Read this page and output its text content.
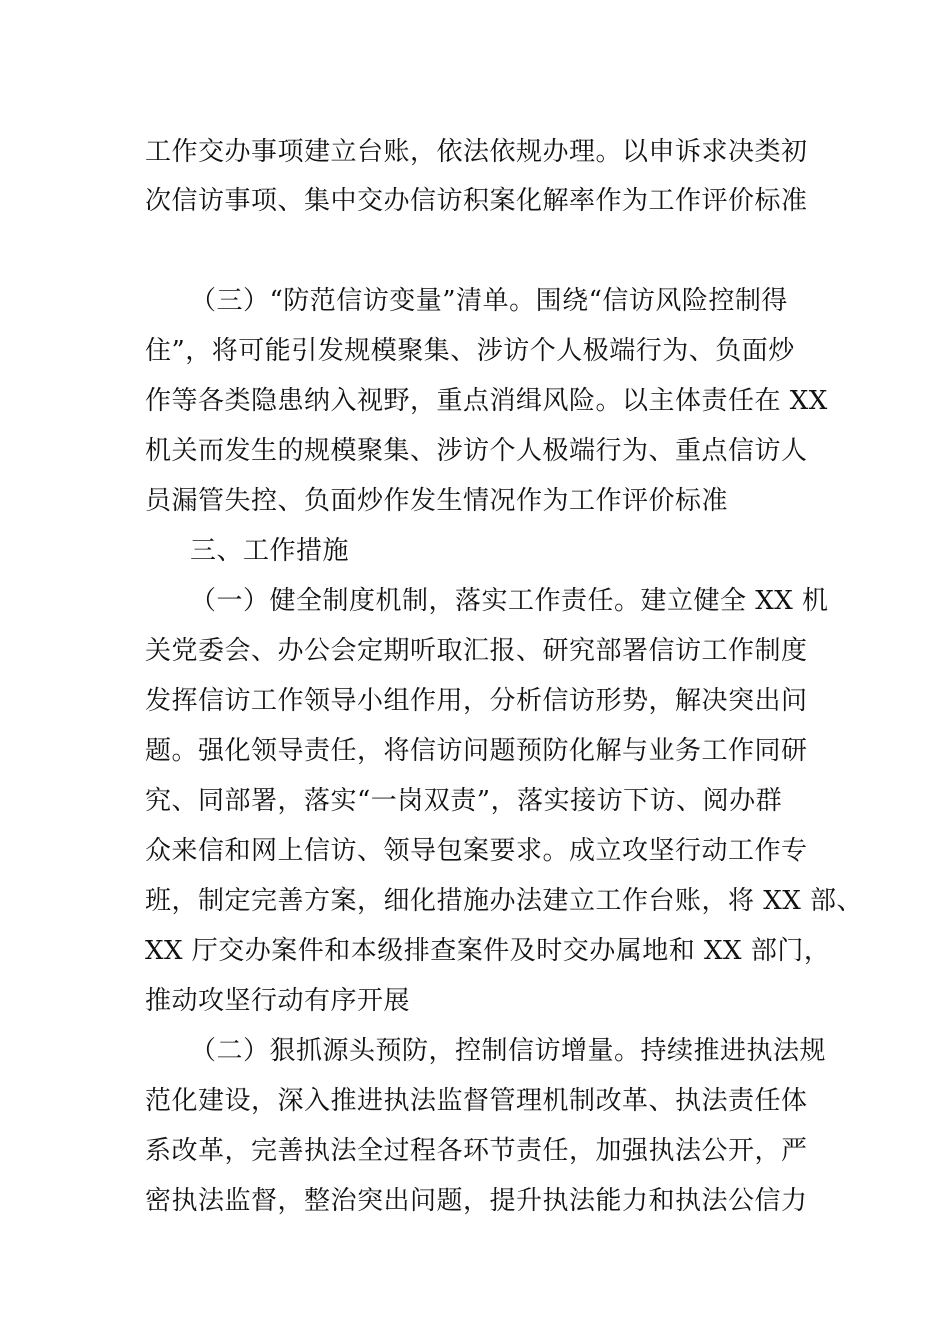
工作交办事项建立台账，依法依规办理。以申诉求决类初
次信访事项、集中交办信访积案化解率作为工作评价标准
（三）“防范信访变量”清单。围绕“信访风险控制得
住”，将可能引发规模聚集、涉访个人极端行为、负面炒
作等各类隐患纳入视野，重点消缉风险。以主体责任在 XX
机关而发生的规模聚集、涉访个人极端行为、重点信访人
员漏管失控、负面炒作发生情况作为工作评价标准
三、工作措施
（一）健全制度机制，落实工作责任。建立健全 XX 机
关党委会、办公会定期听取汇报、研究部署信访工作制度
发挥信访工作领导小组作用，分析信访形势，解决突出问
题。强化领导责任，将信访问题预防化解与业务工作同研
究、同部署，落实“一岗双责”，落实接访下访、阅办群
众来信和网上信访、领导包案要求。成立攻坚行动工作专
班，制定完善方案，细化措施办法建立工作台账，将 XX 部、
XX 厅交办案件和本级排查案件及时交办属地和 XX 部门，
推动攻坚行动有序开展
（二）狠抓源头预防，控制信访增量。持续推进执法规
范化建设，深入推进执法监督管理机制改革、执法责任体
系改革，完善执法全过程各环节责任，加强执法公开，严
密执法监督，整治突出问题，提升执法能力和执法公信力
